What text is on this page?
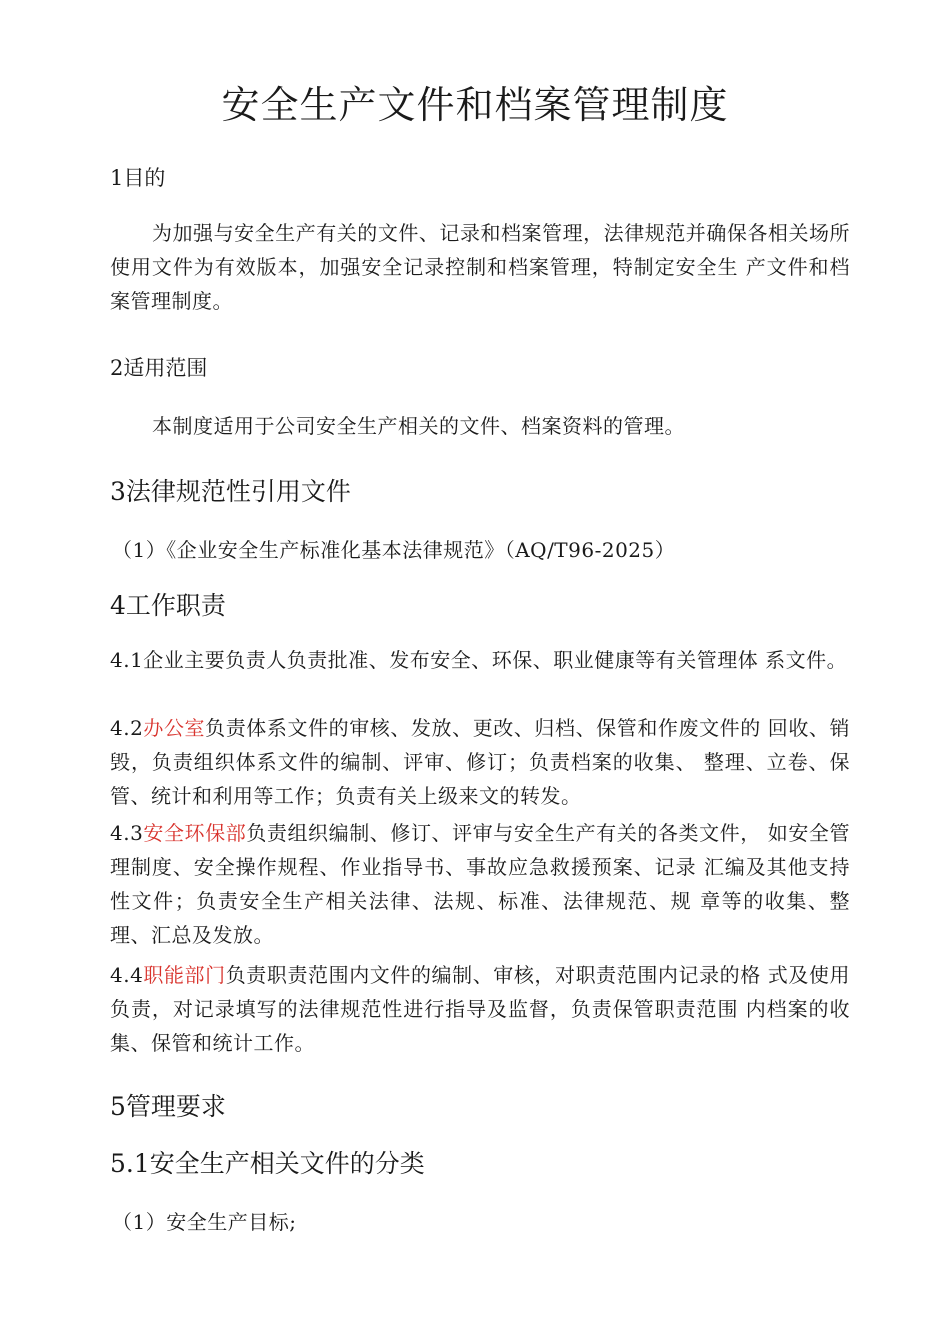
安全生产文件和档案管理制度
1目的

为加强与安全生产有关的文件、记录和档案管理，法律规范并确保各相关场所使用文件为有效版本，加强安全记录控制和档案管理，特制定安全生 产文件和档案管理制度。

2适用范围

本制度适用于公司安全生产相关的文件、档案资料的管理。

3法律规范性引用文件

（1）《企业安全生产标准化基本法律规范》（AQ/T96-2025）

4工作职责

4.1企业主要负责人负责批准、发布安全、环保、职业健康等有关管理体 系文件。

4.2办公室负责体系文件的审核、发放、更改、归档、保管和作废文件的 回收、销毁，负责组织体系文件的编制、评审、修订；负责档案的收集、 整理、立卷、保管、统计和利用等工作；负责有关上级来文的转发。

4.3安全环保部负责组织编制、修订、评审与安全生产有关的各类文件， 如安全管理制度、安全操作规程、作业指导书、事故应急救援预案、记录 汇编及其他支持性文件；负责安全生产相关法律、法规、标准、法律规范、规 章等的收集、整理、汇总及发放。

4.4职能部门负责职责范围内文件的编制、审核，对职责范围内记录的格 式及使用负责，对记录填写的法律规范性进行指导及监督，负责保管职责范围 内档案的收集、保管和统计工作。

5管理要求
5.1安全生产相关文件的分类

（1）安全生产目标;
